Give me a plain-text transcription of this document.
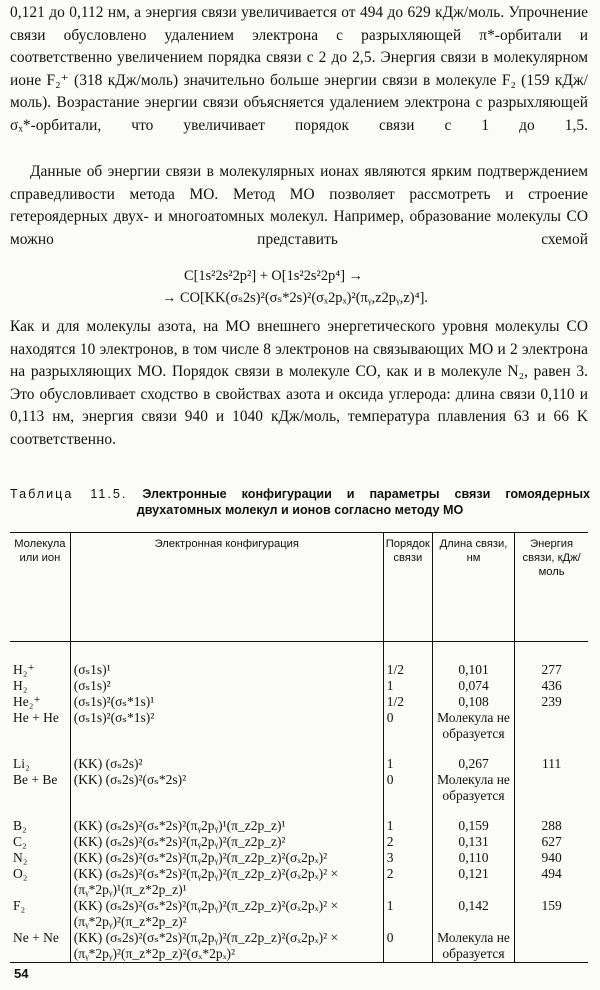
0,121 до 0,112 нм, а энергия связи увеличивается от 494 до 629 кДж/моль. Упрочнение связи обусловлено удалением электрона с разрыхляющей π*-орбитали и соответственно увеличением порядка связи с 2 до 2,5. Энергия связи в молекулярном ионе F₂⁺ (318 кДж/моль) значительно больше энергии связи в молекуле F₂ (159 кДж/моль). Возрастание энергии связи объясняется удалением электрона с разрыхляющей σₓ*-орбитали, что увеличивает порядок связи с 1 до 1,5.

Данные об энергии связи в молекулярных ионах являются ярким подтверждением справедливости метода МО. Метод МО позволяет рассмотреть и строение гетероядерных двух- и многоатомных молекул. Например, образование молекулы CO можно представить схемой

C[1s²2s²2p²] + O[1s²2s²2p⁴] →
→ CO[KK(σₛ2s)²(σₛ*2s)²(σₓ2pₓ)²(πᵧ,z2pᵧ,z)⁴].

Как и для молекулы азота, на МО внешнего энергетического уровня молекулы CO находятся 10 электронов, в том числе 8 электронов на связывающих МО и 2 электрона на разрыхляющих МО. Порядок связи в молекуле CO, как и в молекуле N₂, равен 3. Это обусловливает сходство в свойствах азота и оксида углерода: длина связи 0,110 и 0,113 нм, энергия связи 940 и 1040 кДж/моль, температура плавления 63 и 66 K соответственно.

Таблица 11.5. Электронные конфигурации и параметры связи гомоядерных
двухатомных молекул и ионов согласно методу МО
Молекула или ион	Электронная конфигурация	Порядок связи	Длина связи, нм	Энергия связи, кДж/моль

H₂⁺	(σₛ1s)¹	1/2	0,101	277
H₂	(σₛ1s)²	1	0,074	436
He₂⁺	(σₛ1s)²(σₛ*1s)¹	1/2	0,108	239
He + He	(σₛ1s)²(σₛ*1s)²	0	Молекула не образуется	

Li₂	(KK) (σₛ2s)²	1	0,267	111
Be + Be	(KK) (σₛ2s)²(σₛ*2s)²	0	Молекула не образуется	

B₂	(KK) (σₛ2s)²(σₛ*2s)²(πᵧ2pᵧ)¹(π_z2p_z)¹	1	0,159	288
C₂	(KK) (σₛ2s)²(σₛ*2s)²(πᵧ2pᵧ)²(π_z2p_z)²	2	0,131	627
N₂	(KK) (σₛ2s)²(σₛ*2s)²(πᵧ2pᵧ)²(π_z2p_z)²(σₓ2pₓ)²	3	0,110	940
O₂	(KK) (σₛ2s)²(σₛ*2s)²(πᵧ2pᵧ)²(π_z2p_z)²(σₓ2pₓ)² × (πᵧ*2pᵧ)¹(π_z*2p_z)¹	2	0,121	494
F₂	(KK) (σₛ2s)²(σₛ*2s)²(πᵧ2pᵧ)²(π_z2p_z)²(σₓ2pₓ)² × (πᵧ*2pᵧ)²(π_z*2p_z)²	1	0,142	159
Ne + Ne	(KK) (σₛ2s)²(σₛ*2s)²(πᵧ2pᵧ)²(π_z2p_z)²(σₓ2pₓ)² × (πᵧ*2pᵧ)²(π_z*2p_z)²(σₓ*2pₓ)²	0	Молекула не образуется	
54
